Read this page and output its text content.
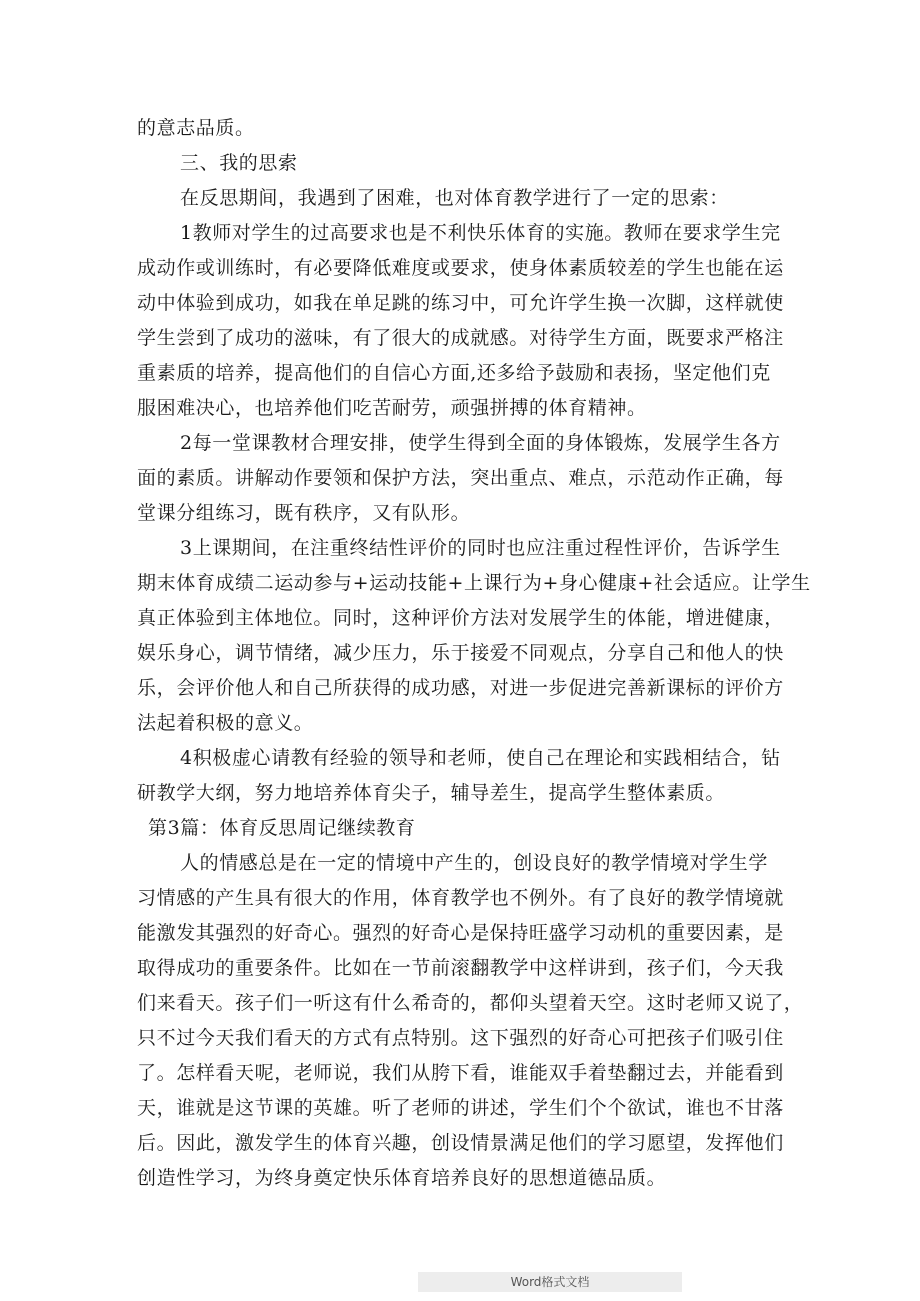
的意志品质。
三、我的思索
在反思期间，我遇到了困难，也对体育教学进行了一定的思索：
1教师对学生的过高要求也是不利快乐体育的实施。教师在要求学生完
成动作或训练时，有必要降低难度或要求，使身体素质较差的学生也能在运
动中体验到成功，如我在单足跳的练习中，可允许学生换一次脚，这样就使
学生尝到了成功的滋味，有了很大的成就感。对待学生方面，既要求严格注
重素质的培养，提高他们的自信心方面,还多给予鼓励和表扬，坚定他们克
服困难决心，也培养他们吃苦耐劳，顽强拼搏的体育精神。
2每一堂课教材合理安排，使学生得到全面的身体锻炼，发展学生各方
面的素质。讲解动作要领和保护方法，突出重点、难点，示范动作正确，每
堂课分组练习，既有秩序，又有队形。
3上课期间，在注重终结性评价的同时也应注重过程性评价，告诉学生
期末体育成绩二运动参与+运动技能+上课行为+身心健康+社会适应。让学生
真正体验到主体地位。同时，这种评价方法对发展学生的体能，增进健康，
娱乐身心，调节情绪，减少压力，乐于接爱不同观点，分享自己和他人的快
乐，会评价他人和自己所获得的成功感，对进一步促进完善新课标的评价方
法起着积极的意义。
4积极虚心请教有经验的领导和老师，使自己在理论和实践相结合，钻
研教学大纲，努力地培养体育尖子，辅导差生，提高学生整体素质。
第3篇：体育反思周记继续教育
人的情感总是在一定的情境中产生的，创设良好的教学情境对学生学
习情感的产生具有很大的作用，体育教学也不例外。有了良好的教学情境就
能激发其强烈的好奇心。强烈的好奇心是保持旺盛学习动机的重要因素，是
取得成功的重要条件。比如在一节前滚翻教学中这样讲到，孩子们，今天我
们来看天。孩子们一听这有什么希奇的，都仰头望着天空。这时老师又说了，
只不过今天我们看天的方式有点特别。这下强烈的好奇心可把孩子们吸引住
了。怎样看天呢，老师说，我们从胯下看，谁能双手着垫翻过去，并能看到
天，谁就是这节课的英雄。听了老师的讲述，学生们个个欲试，谁也不甘落
后。因此，激发学生的体育兴趣，创设情景满足他们的学习愿望，发挥他们
创造性学习，为终身奠定快乐体育培养良好的思想道德品质。
Word格式文档
